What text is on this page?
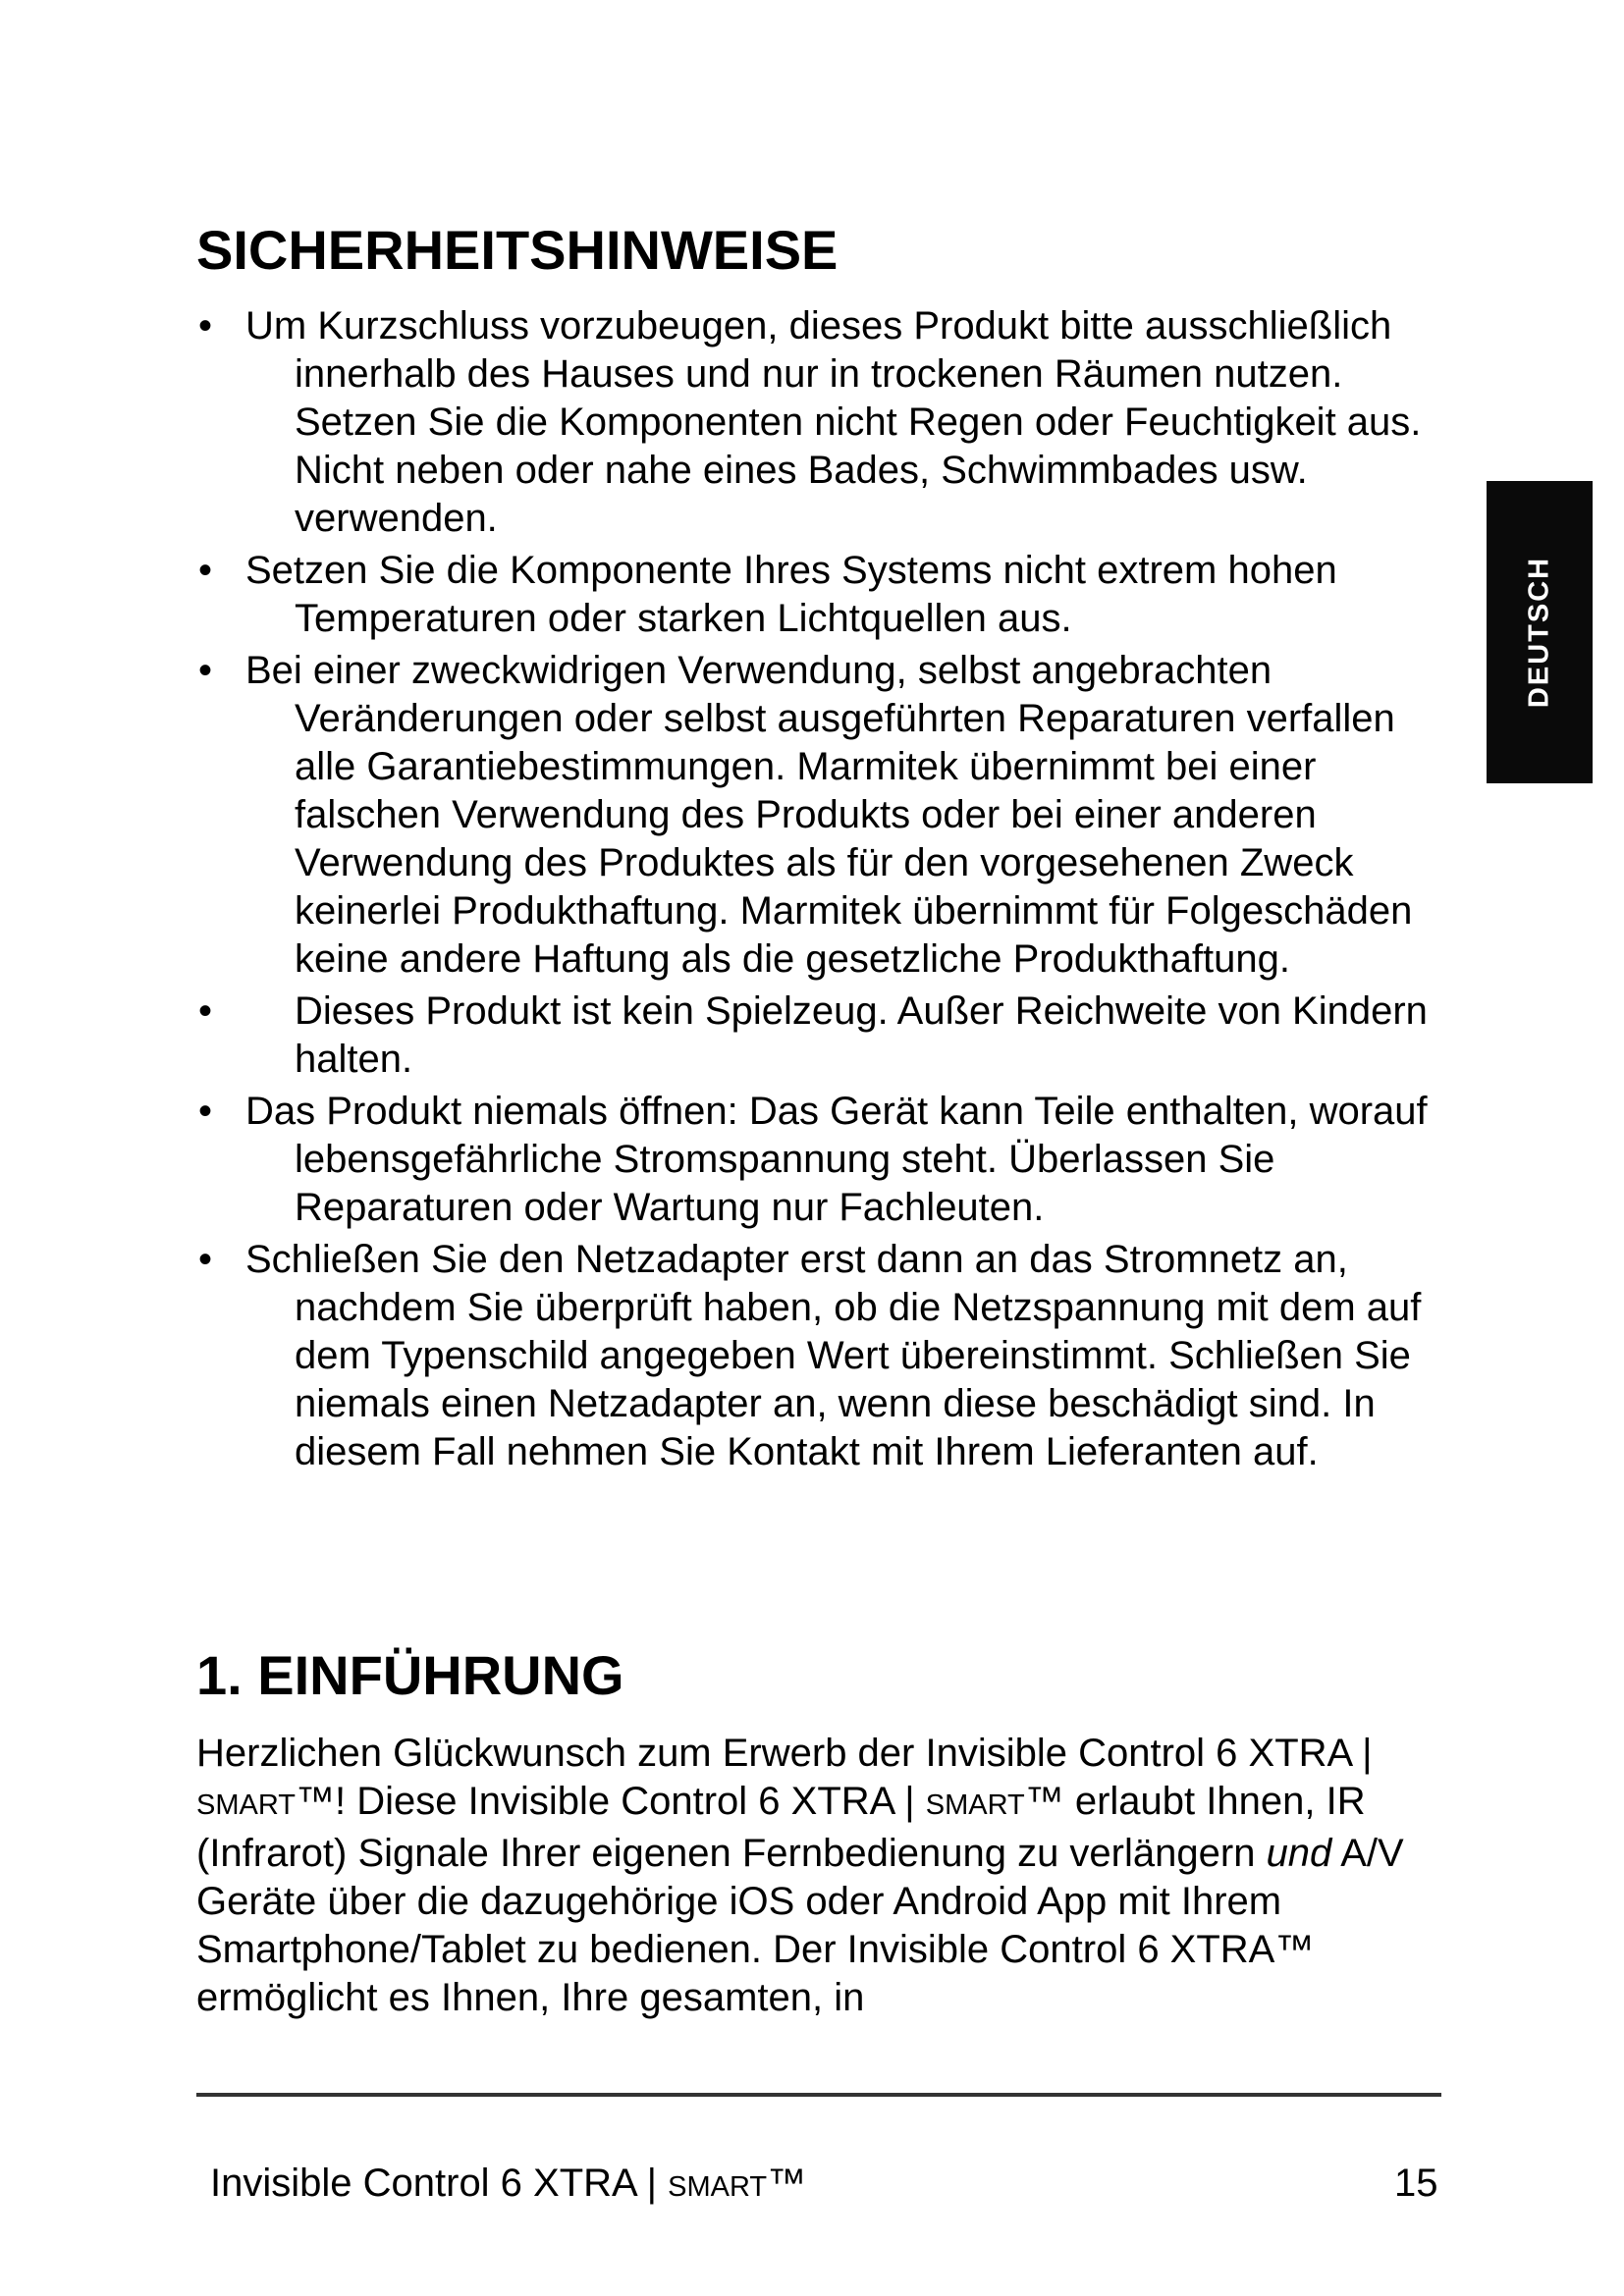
SICHERHEITSHINWEISE
• Um Kurzschluss vorzubeugen, dieses Produkt bitte ausschließlich innerhalb des Hauses und nur in trockenen Räumen nutzen. Setzen Sie die Komponenten nicht Regen oder Feuchtigkeit aus. Nicht neben oder nahe eines Bades, Schwimmbades usw. verwenden.
• Setzen Sie die Komponente Ihres Systems nicht extrem hohen Temperaturen oder starken Lichtquellen aus.
• Bei einer zweckwidrigen Verwendung, selbst angebrachten Veränderungen oder selbst ausgeführten Reparaturen verfallen alle Garantiebestimmungen. Marmitek übernimmt bei einer falschen Verwendung des Produkts oder bei einer anderen Verwendung des Produktes als für den vorgesehenen Zweck keinerlei Produkthaftung. Marmitek übernimmt für Folgeschäden keine andere Haftung als die gesetzliche Produkthaftung.
• Dieses Produkt ist kein Spielzeug. Außer Reichweite von Kindern halten.
• Das Produkt niemals öffnen: Das Gerät kann Teile enthalten, worauf lebensgefährliche Stromspannung steht. Überlassen Sie Reparaturen oder Wartung nur Fachleuten.
• Schließen Sie den Netzadapter erst dann an das Stromnetz an, nachdem Sie überprüft haben, ob die Netzspannung mit dem auf dem Typenschild angegeben Wert übereinstimmt. Schließen Sie niemals einen Netzadapter an, wenn diese beschädigt sind. In diesem Fall nehmen Sie Kontakt mit Ihrem Lieferanten auf.
1. EINFÜHRUNG

Herzlichen Glückwunsch zum Erwerb der Invisible Control 6 XTRA | SMART™! Diese Invisible Control 6 XTRA | SMART™ erlaubt Ihnen, IR (Infrarot) Signale Ihrer eigenen Fernbedienung zu verlängern und A/V Geräte über die dazugehörige iOS oder Android App mit Ihrem Smartphone/Tablet zu bedienen. Der Invisible Control 6 XTRA™ ermöglicht es Ihnen, Ihre gesamten, in

Invisible Control 6 XTRA | SMART™	15
DEUTSCH
